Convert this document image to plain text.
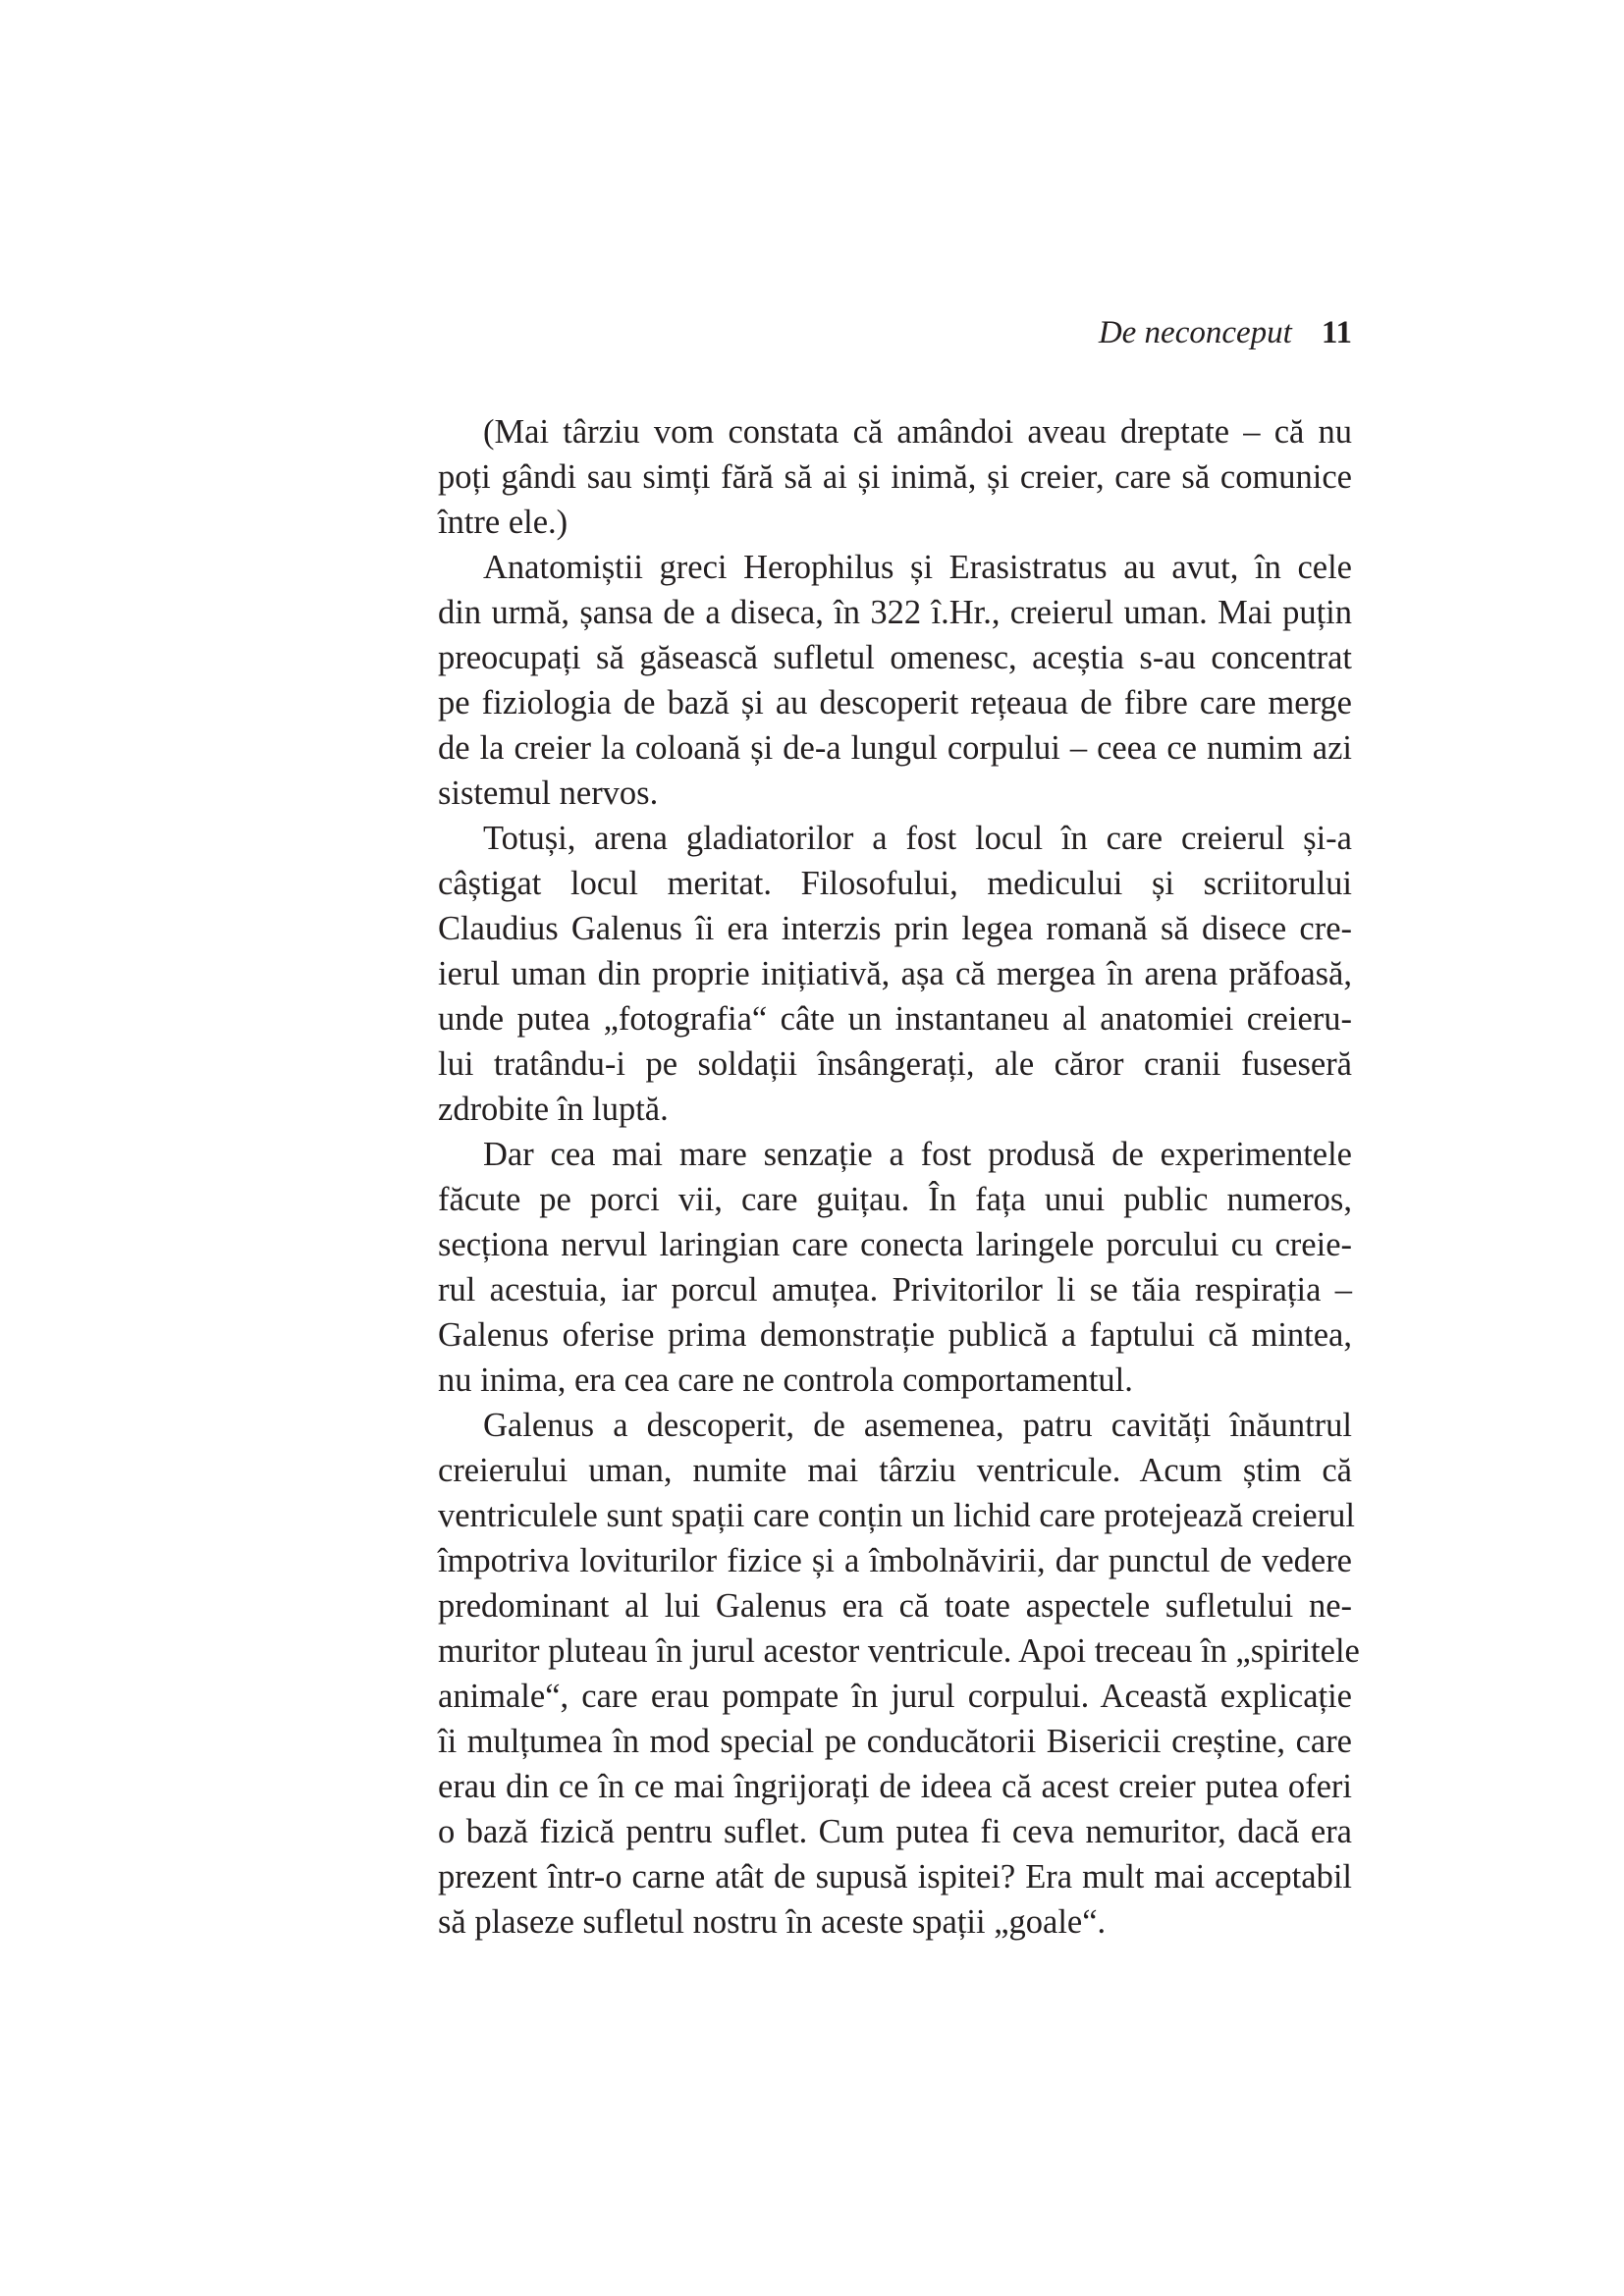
De neconceput 11
(Mai târziu vom constata că amândoi aveau dreptate – că nu
poți gândi sau simți fără să ai și inimă, și creier, care să comunice
între ele.)
Anatomiștii greci Herophilus și Erasistratus au avut, în cele
din urmă, șansa de a diseca, în 322 î.Hr., creierul uman. Mai puțin
preocupați să găsească sufletul omenesc, aceștia s-au concentrat
pe fiziologia de bază și au descoperit rețeaua de fibre care merge
de la creier la coloană și de-a lungul corpului – ceea ce numim azi
sistemul nervos.
Totuși, arena gladiatorilor a fost locul în care creierul și-a
câștigat locul meritat. Filosofului, medicului și scriitorului
Claudius Galenus îi era interzis prin legea romană să disece cre-
ierul uman din proprie inițiativă, așa că mergea în arena prăfoasă,
unde putea „fotografia“ câte un instantaneu al anatomiei creieru-
lui tratându-i pe soldații însângerați, ale căror cranii fuseseră
zdrobite în luptă.
Dar cea mai mare senzație a fost produsă de experimentele
făcute pe porci vii, care guițau. În fața unui public numeros,
secționa nervul laringian care conecta laringele porcului cu creie-
rul acestuia, iar porcul amuțea. Privitorilor li se tăia respirația –
Galenus oferise prima demonstrație publică a faptului că mintea,
nu inima, era cea care ne controla comportamentul.
Galenus a descoperit, de asemenea, patru cavități înăuntrul
creierului uman, numite mai târziu ventricule. Acum știm că
ventriculele sunt spații care conțin un lichid care protejează creierul
împotriva loviturilor fizice și a îmbolnăvirii, dar punctul de vedere
predominant al lui Galenus era că toate aspectele sufletului ne-
muritor pluteau în jurul acestor ventricule. Apoi treceau în „spiritele
animale“, care erau pompate în jurul corpului. Această explicație
îi mulțumea în mod special pe conducătorii Bisericii creștine, care
erau din ce în ce mai îngrijorați de ideea că acest creier putea oferi
o bază fizică pentru suflet. Cum putea fi ceva nemuritor, dacă era
prezent într-o carne atât de supusă ispitei? Era mult mai acceptabil
să plaseze sufletul nostru în aceste spații „goale“.
